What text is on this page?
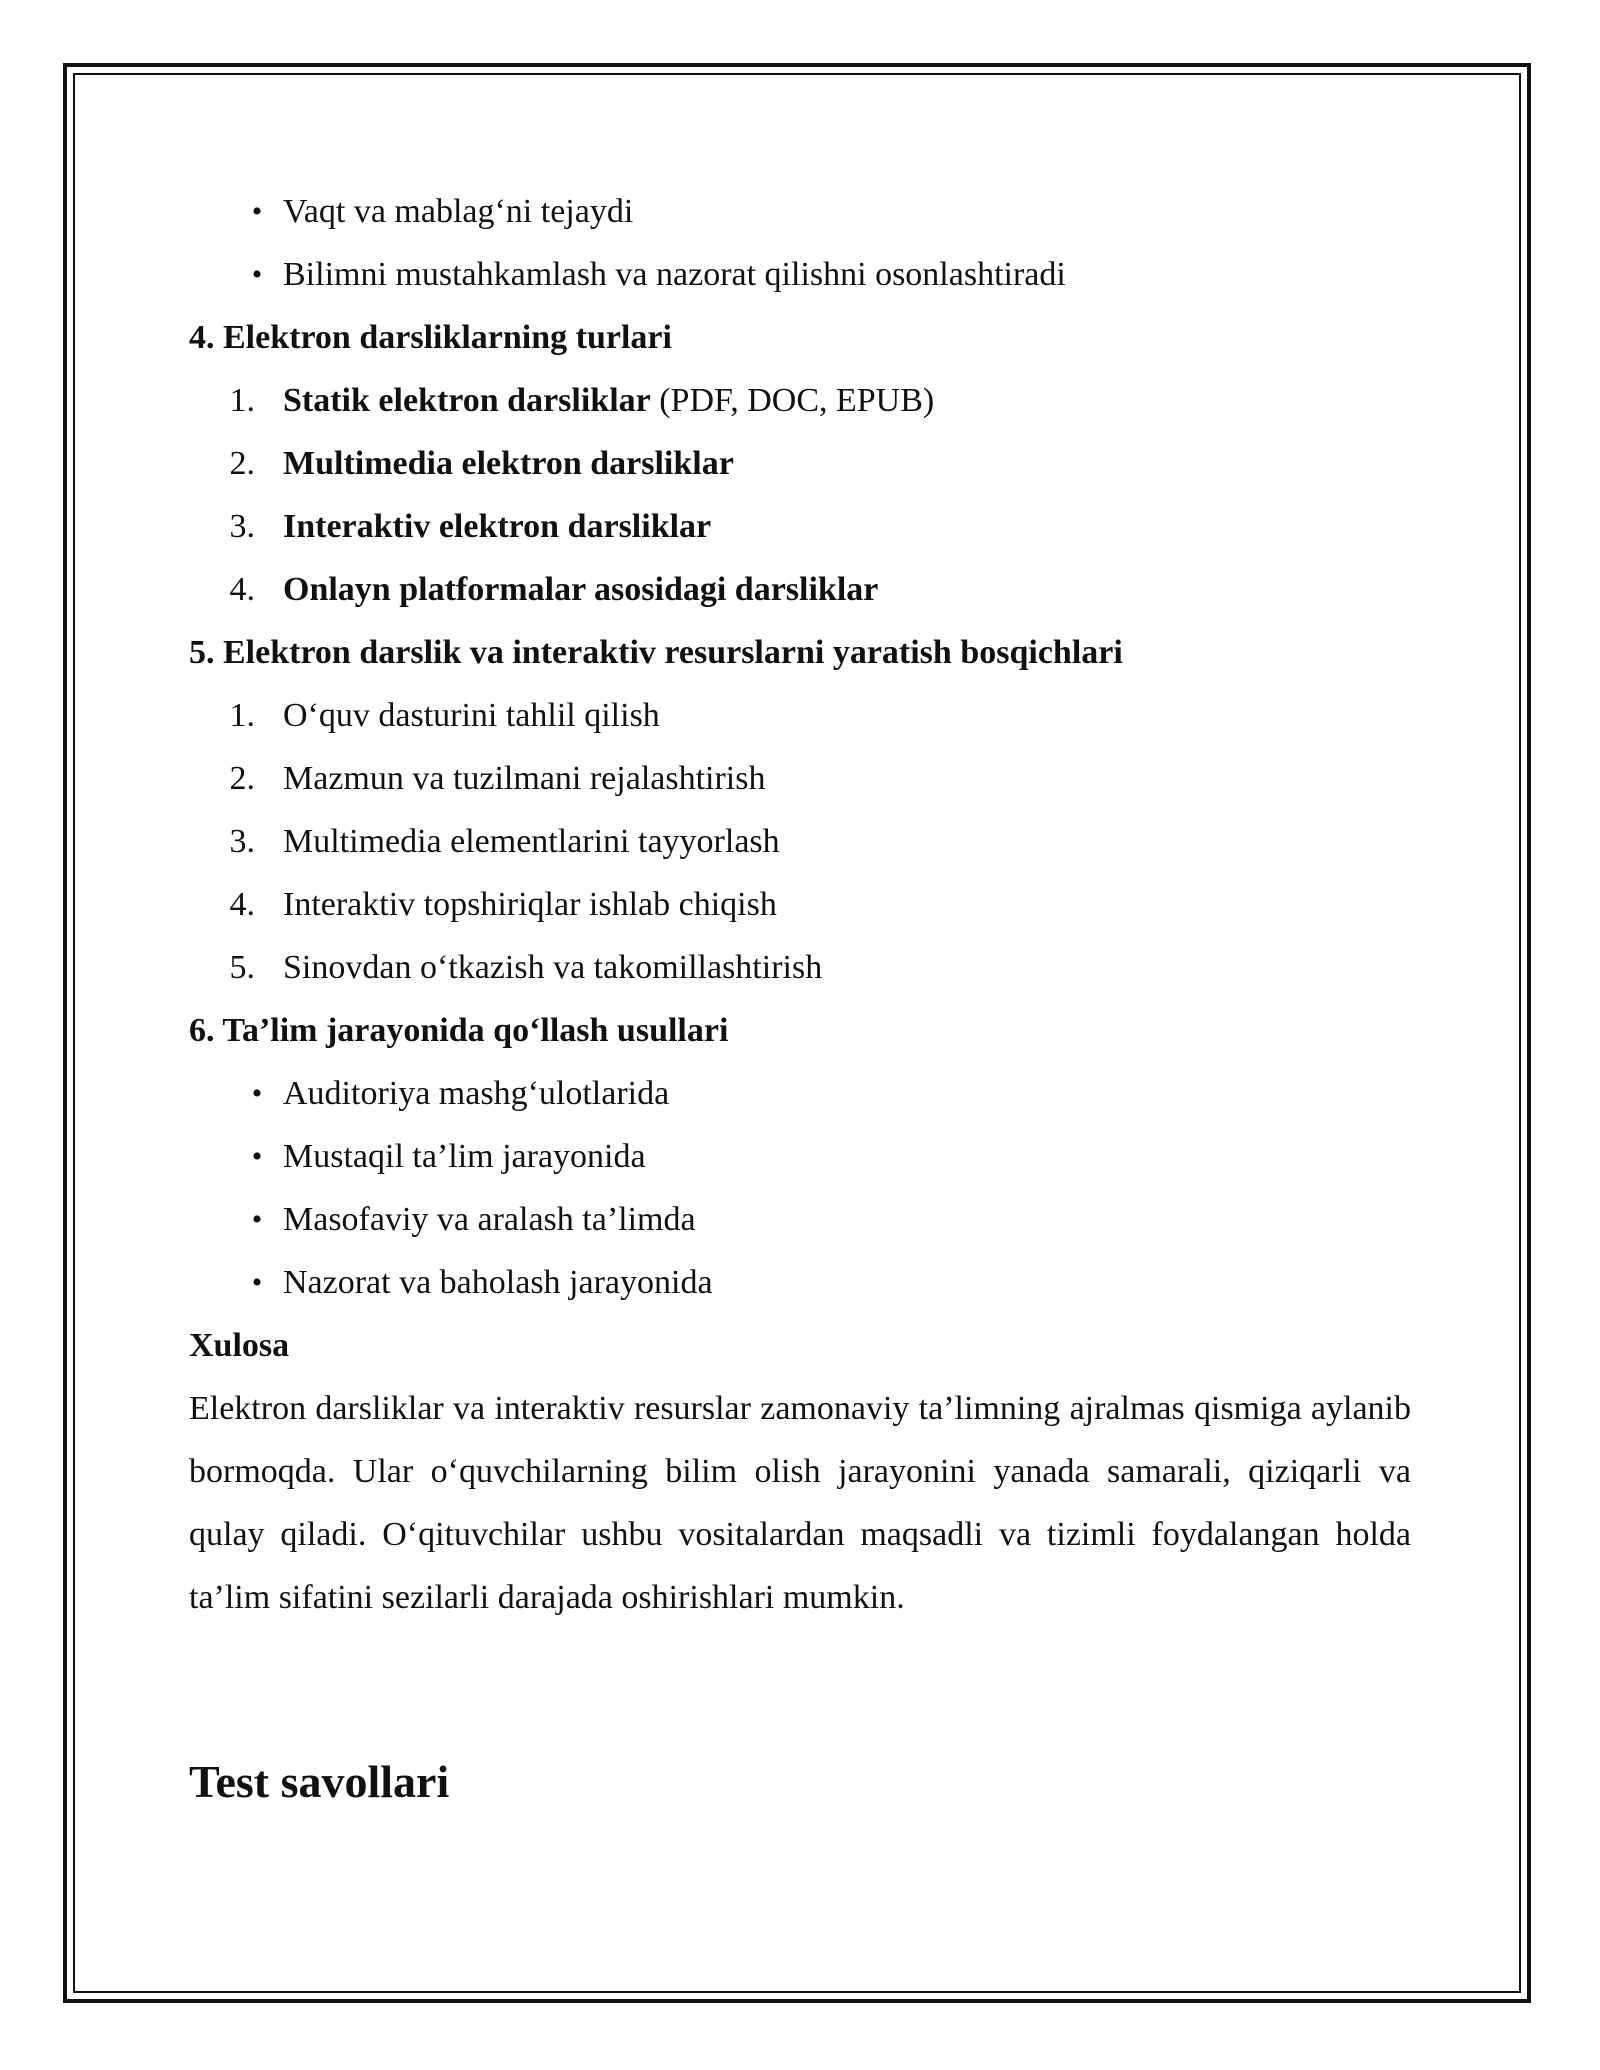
• Vaqt va mablag‘ni tejaydi
• Bilimni mustahkamlash va nazorat qilishni osonlashtiradi
4. Elektron darsliklarning turlari
1. Statik elektron darsliklar (PDF, DOC, EPUB)
2. Multimedia elektron darsliklar
3. Interaktiv elektron darsliklar
4. Onlayn platformalar asosidagi darsliklar
5. Elektron darslik va interaktiv resurslarni yaratish bosqichlari
1. O‘quv dasturini tahlil qilish
2. Mazmun va tuzilmani rejalashtirish
3. Multimedia elementlarini tayyorlash
4. Interaktiv topshiriqlar ishlab chiqish
5. Sinovdan o‘tkazish va takomillashtirish
6. Ta’lim jarayonida qo‘llash usullari
• Auditoriya mashg‘ulotlarida
• Mustaqil ta’lim jarayonida
• Masofaviy va aralash ta’limda
• Nazorat va baholash jarayonida
Xulosa

Elektron darsliklar va interaktiv resurslar zamonaviy ta’limning ajralmas qismiga aylanib bormoqda. Ular o‘quvchilarning bilim olish jarayonini yanada samarali, qiziqarli va qulay qiladi. O‘qituvchilar ushbu vositalardan maqsadli va tizimli foydalangan holda ta’lim sifatini sezilarli darajada oshirishlari mumkin.

Test savollari
